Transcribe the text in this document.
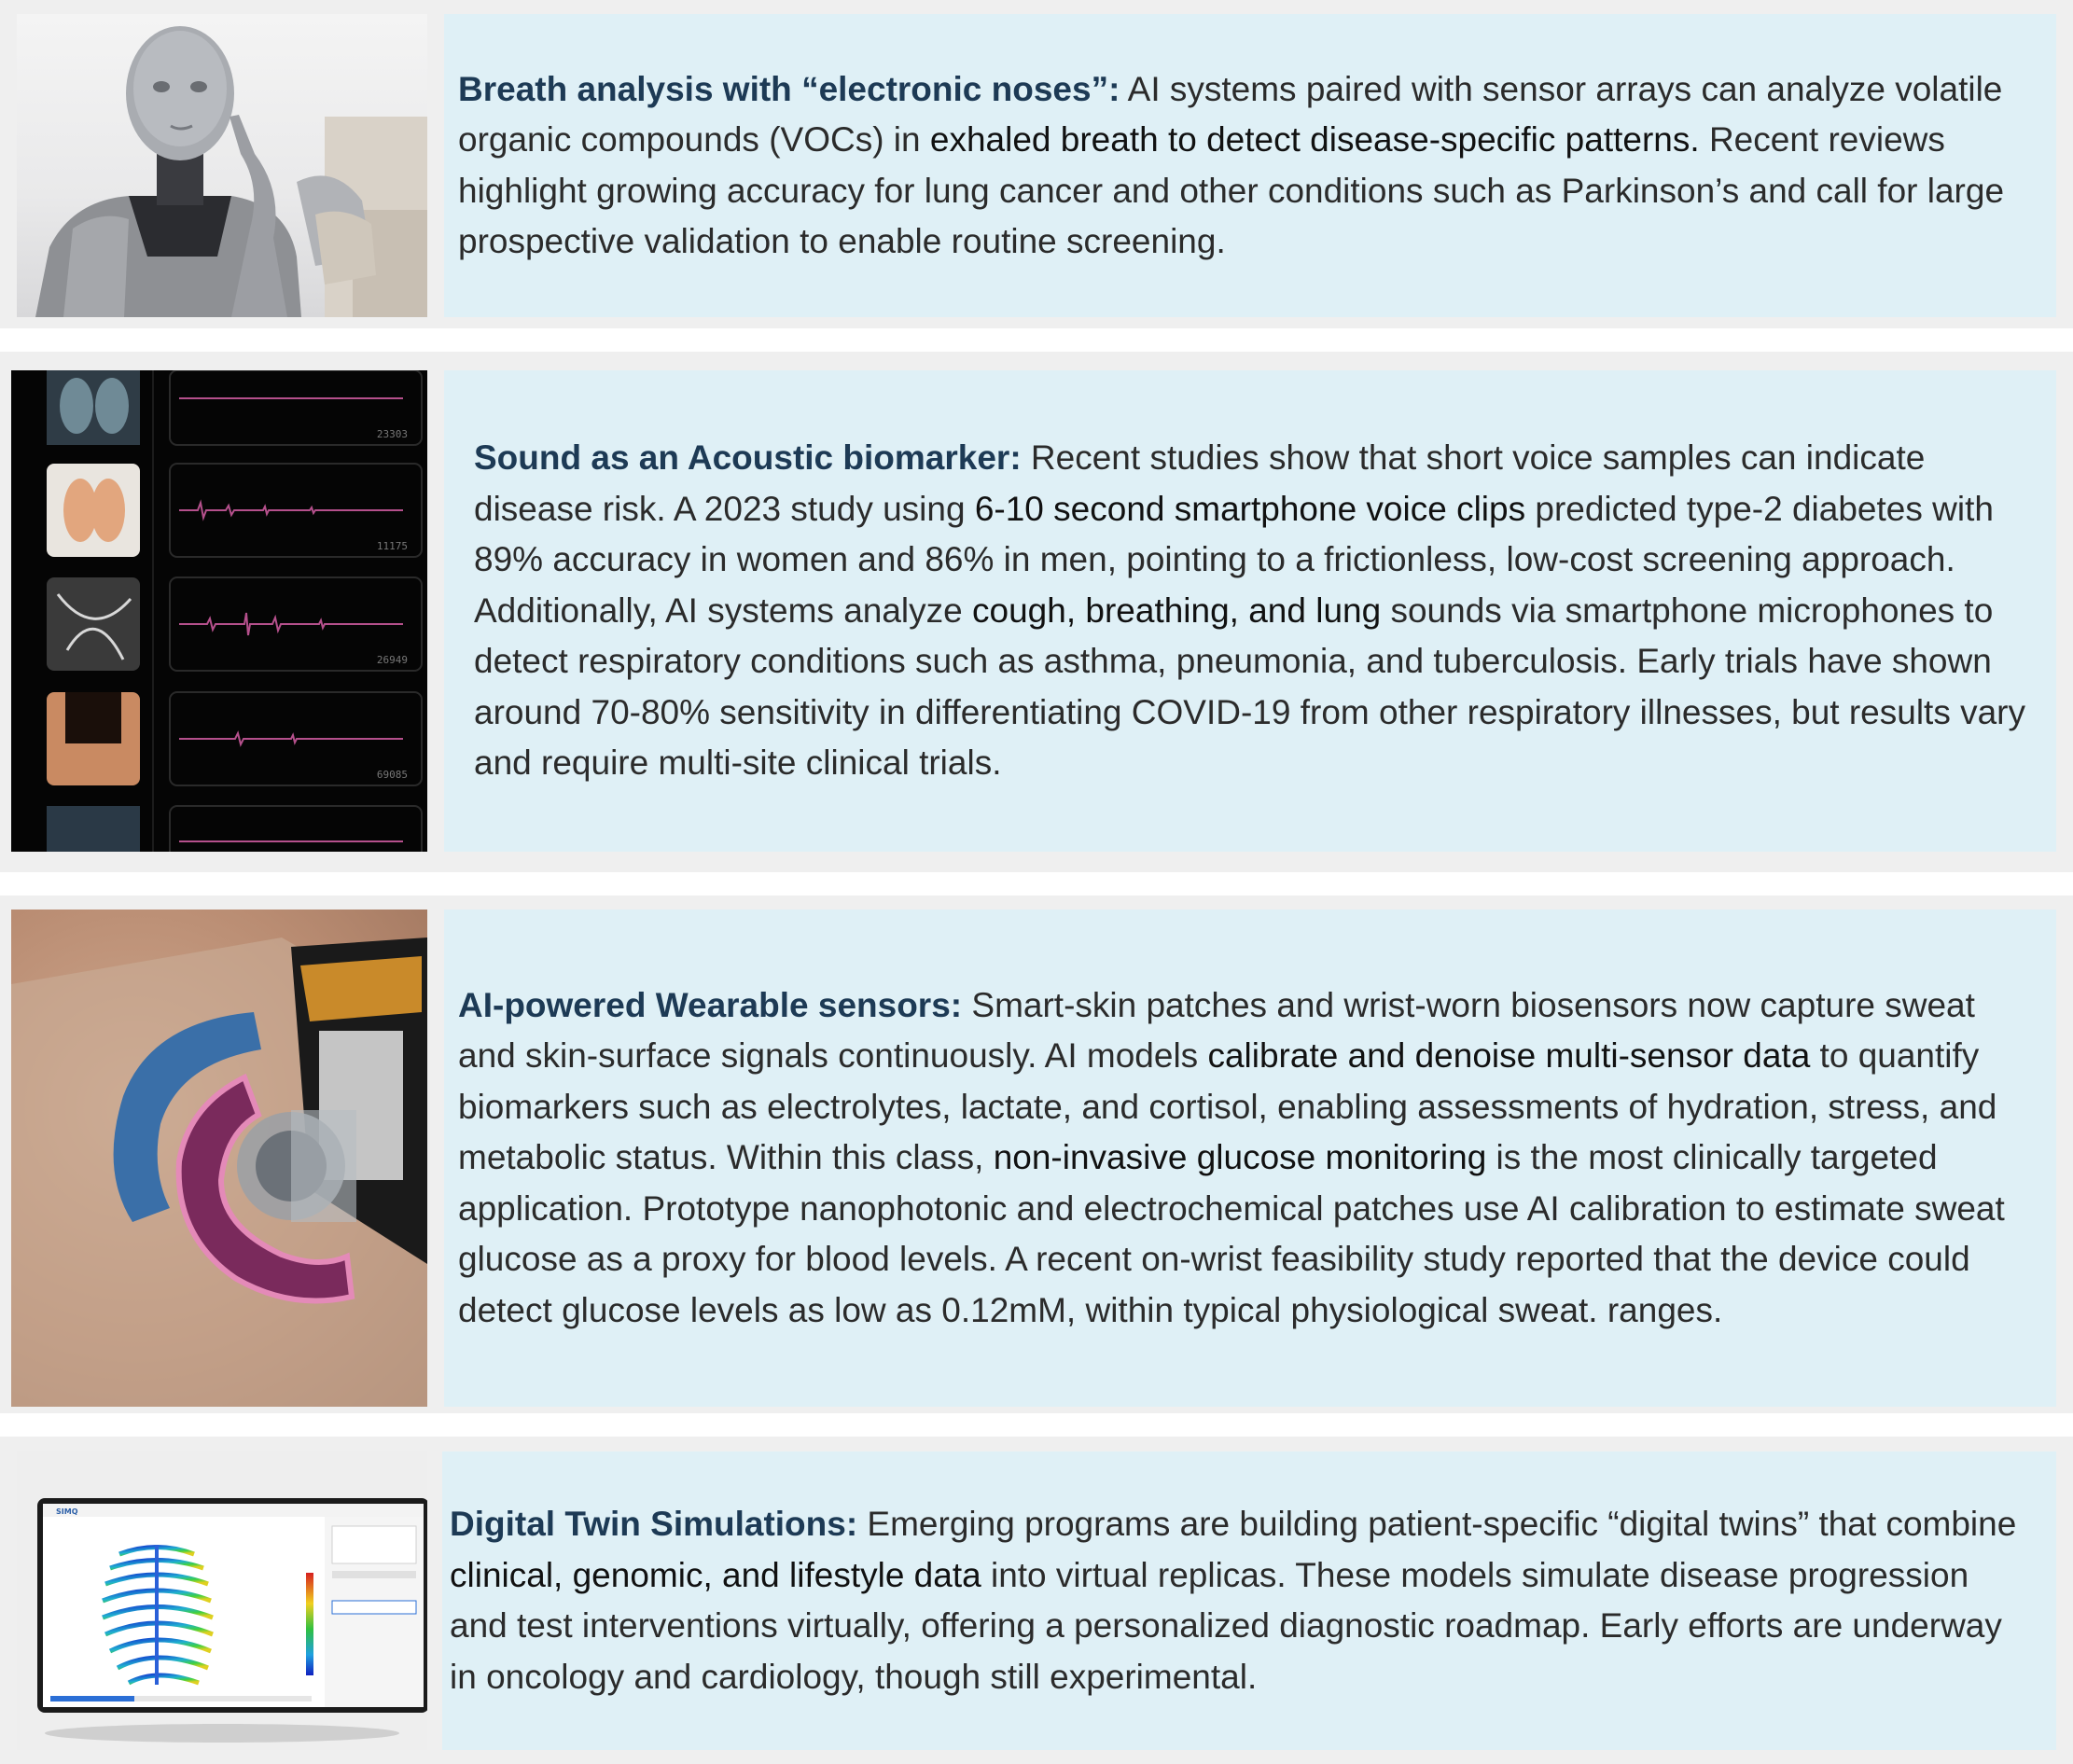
Breath analysis with “electronic noses”: AI systems paired with sensor arrays can analyze volatile organic compounds (VOCs) in exhaled breath to detect disease-specific patterns. Recent reviews highlight growing accuracy for lung cancer and other conditions such as Parkinson’s and call for large prospective validation to enable routine screening.

23303
11175
26949
69085

Sound as an Acoustic biomarker: Recent studies show that short voice samples can indicate disease risk. A 2023 study using 6-10 second smartphone voice clips predicted type-2 diabetes with 89% accuracy in women and 86% in men, pointing to a frictionless, low-cost screening approach. Additionally, AI systems analyze cough, breathing, and lung sounds via smartphone microphones to detect respiratory conditions such as asthma, pneumonia, and tuberculosis. Early trials have shown around 70-80% sensitivity in differentiating COVID-19 from other respiratory illnesses, but results vary and require multi-site clinical trials.

AI-powered Wearable sensors: Smart-skin patches and wrist-worn biosensors now capture sweat and skin-surface signals continuously. AI models calibrate and denoise multi-sensor data to quantify biomarkers such as electrolytes, lactate, and cortisol, enabling assessments of hydration, stress, and metabolic status. Within this class, non-invasive glucose monitoring is the most clinically targeted application. Prototype nanophotonic and electrochemical patches use AI calibration to estimate sweat glucose as a proxy for blood levels. A recent on-wrist feasibility study reported that the device could detect glucose levels as low as 0.12mM, within typical physiological sweat. ranges.

SIMQ	Digital Twin Simulations: Emerging programs are building patient-specific “digital twins” that combine clinical, genomic, and lifestyle data into virtual replicas. These models simulate disease progression and test interventions virtually, offering a personalized diagnostic roadmap. Early efforts are underway in oncology and cardiology, though still experimental.
